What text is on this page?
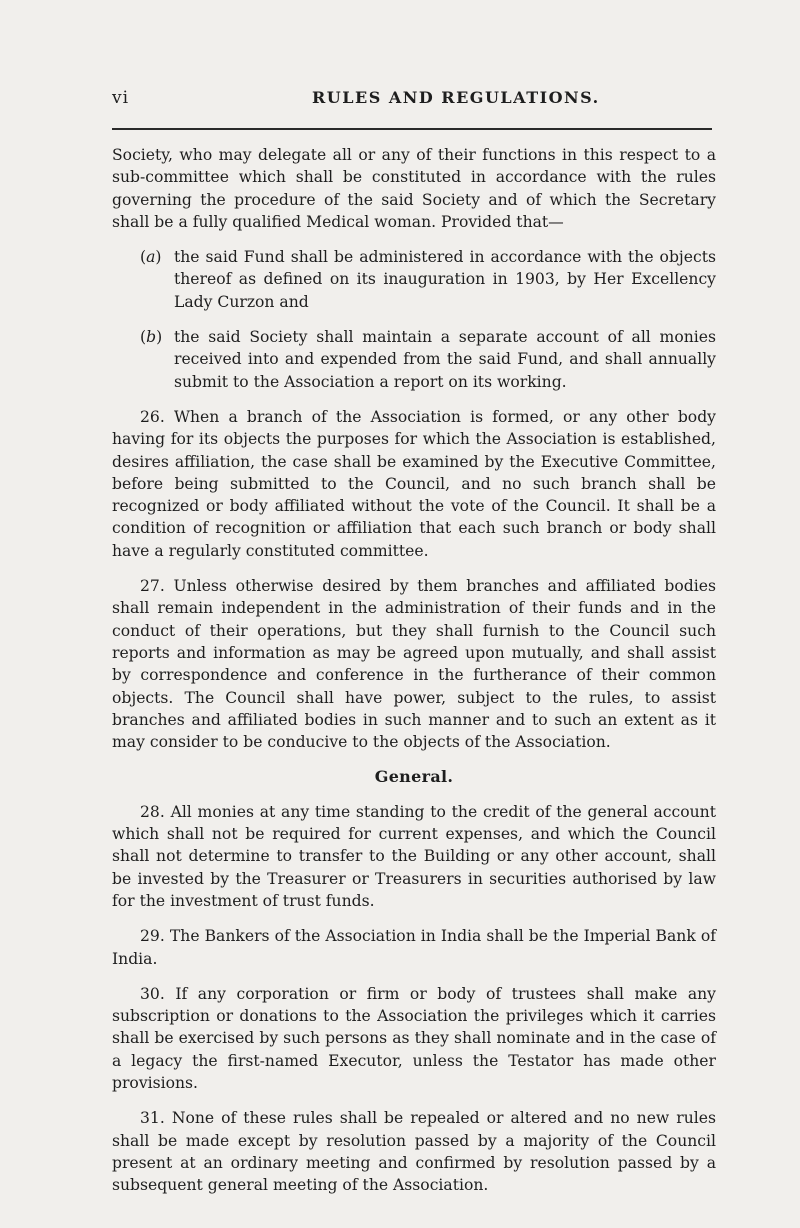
vi	RULES AND REGULATIONS.

Society, who may delegate all or any of their functions in this respect to a sub-committee which shall be constituted in accordance with the rules governing the procedure of the said Society and of which the Secretary shall be a fully qualified Medical woman. Provided that—

(a) the said Fund shall be administered in accordance with the objects thereof as defined on its inauguration in 1903, by Her Excellency Lady Curzon and

(b) the said Society shall maintain a separate account of all monies received into and expended from the said Fund, and shall annually submit to the Association a report on its working.

26. When a branch of the Association is formed, or any other body having for its objects the purposes for which the Association is established, desires affiliation, the case shall be examined by the Executive Committee, before being submitted to the Council, and no such branch shall be recognized or body affiliated without the vote of the Council. It shall be a condition of recognition or affiliation that each such branch or body shall have a regularly constituted committee.

27. Unless otherwise desired by them branches and affiliated bodies shall remain independent in the administration of their funds and in the conduct of their operations, but they shall furnish to the Council such reports and information as may be agreed upon mutually, and shall assist by correspondence and conference in the furtherance of their common objects. The Council shall have power, subject to the rules, to assist branches and affiliated bodies in such manner and to such an extent as it may consider to be conducive to the objects of the Association.

General.

28. All monies at any time standing to the credit of the general account which shall not be required for current expenses, and which the Council shall not determine to transfer to the Building or any other account, shall be invested by the Treasurer or Treasurers in securities authorised by law for the investment of trust funds.

29. The Bankers of the Association in India shall be the Imperial Bank of India.

30. If any corporation or firm or body of trustees shall make any subscription or donations to the Association the privileges which it carries shall be exercised by such persons as they shall nominate and in the case of a legacy the first-named Executor, unless the Testator has made other provisions.

31. None of these rules shall be repealed or altered and no new rules shall be made except by resolution passed by a majority of the Council present at an ordinary meeting and confirmed by resolution passed by a subsequent general meeting of the Association.
